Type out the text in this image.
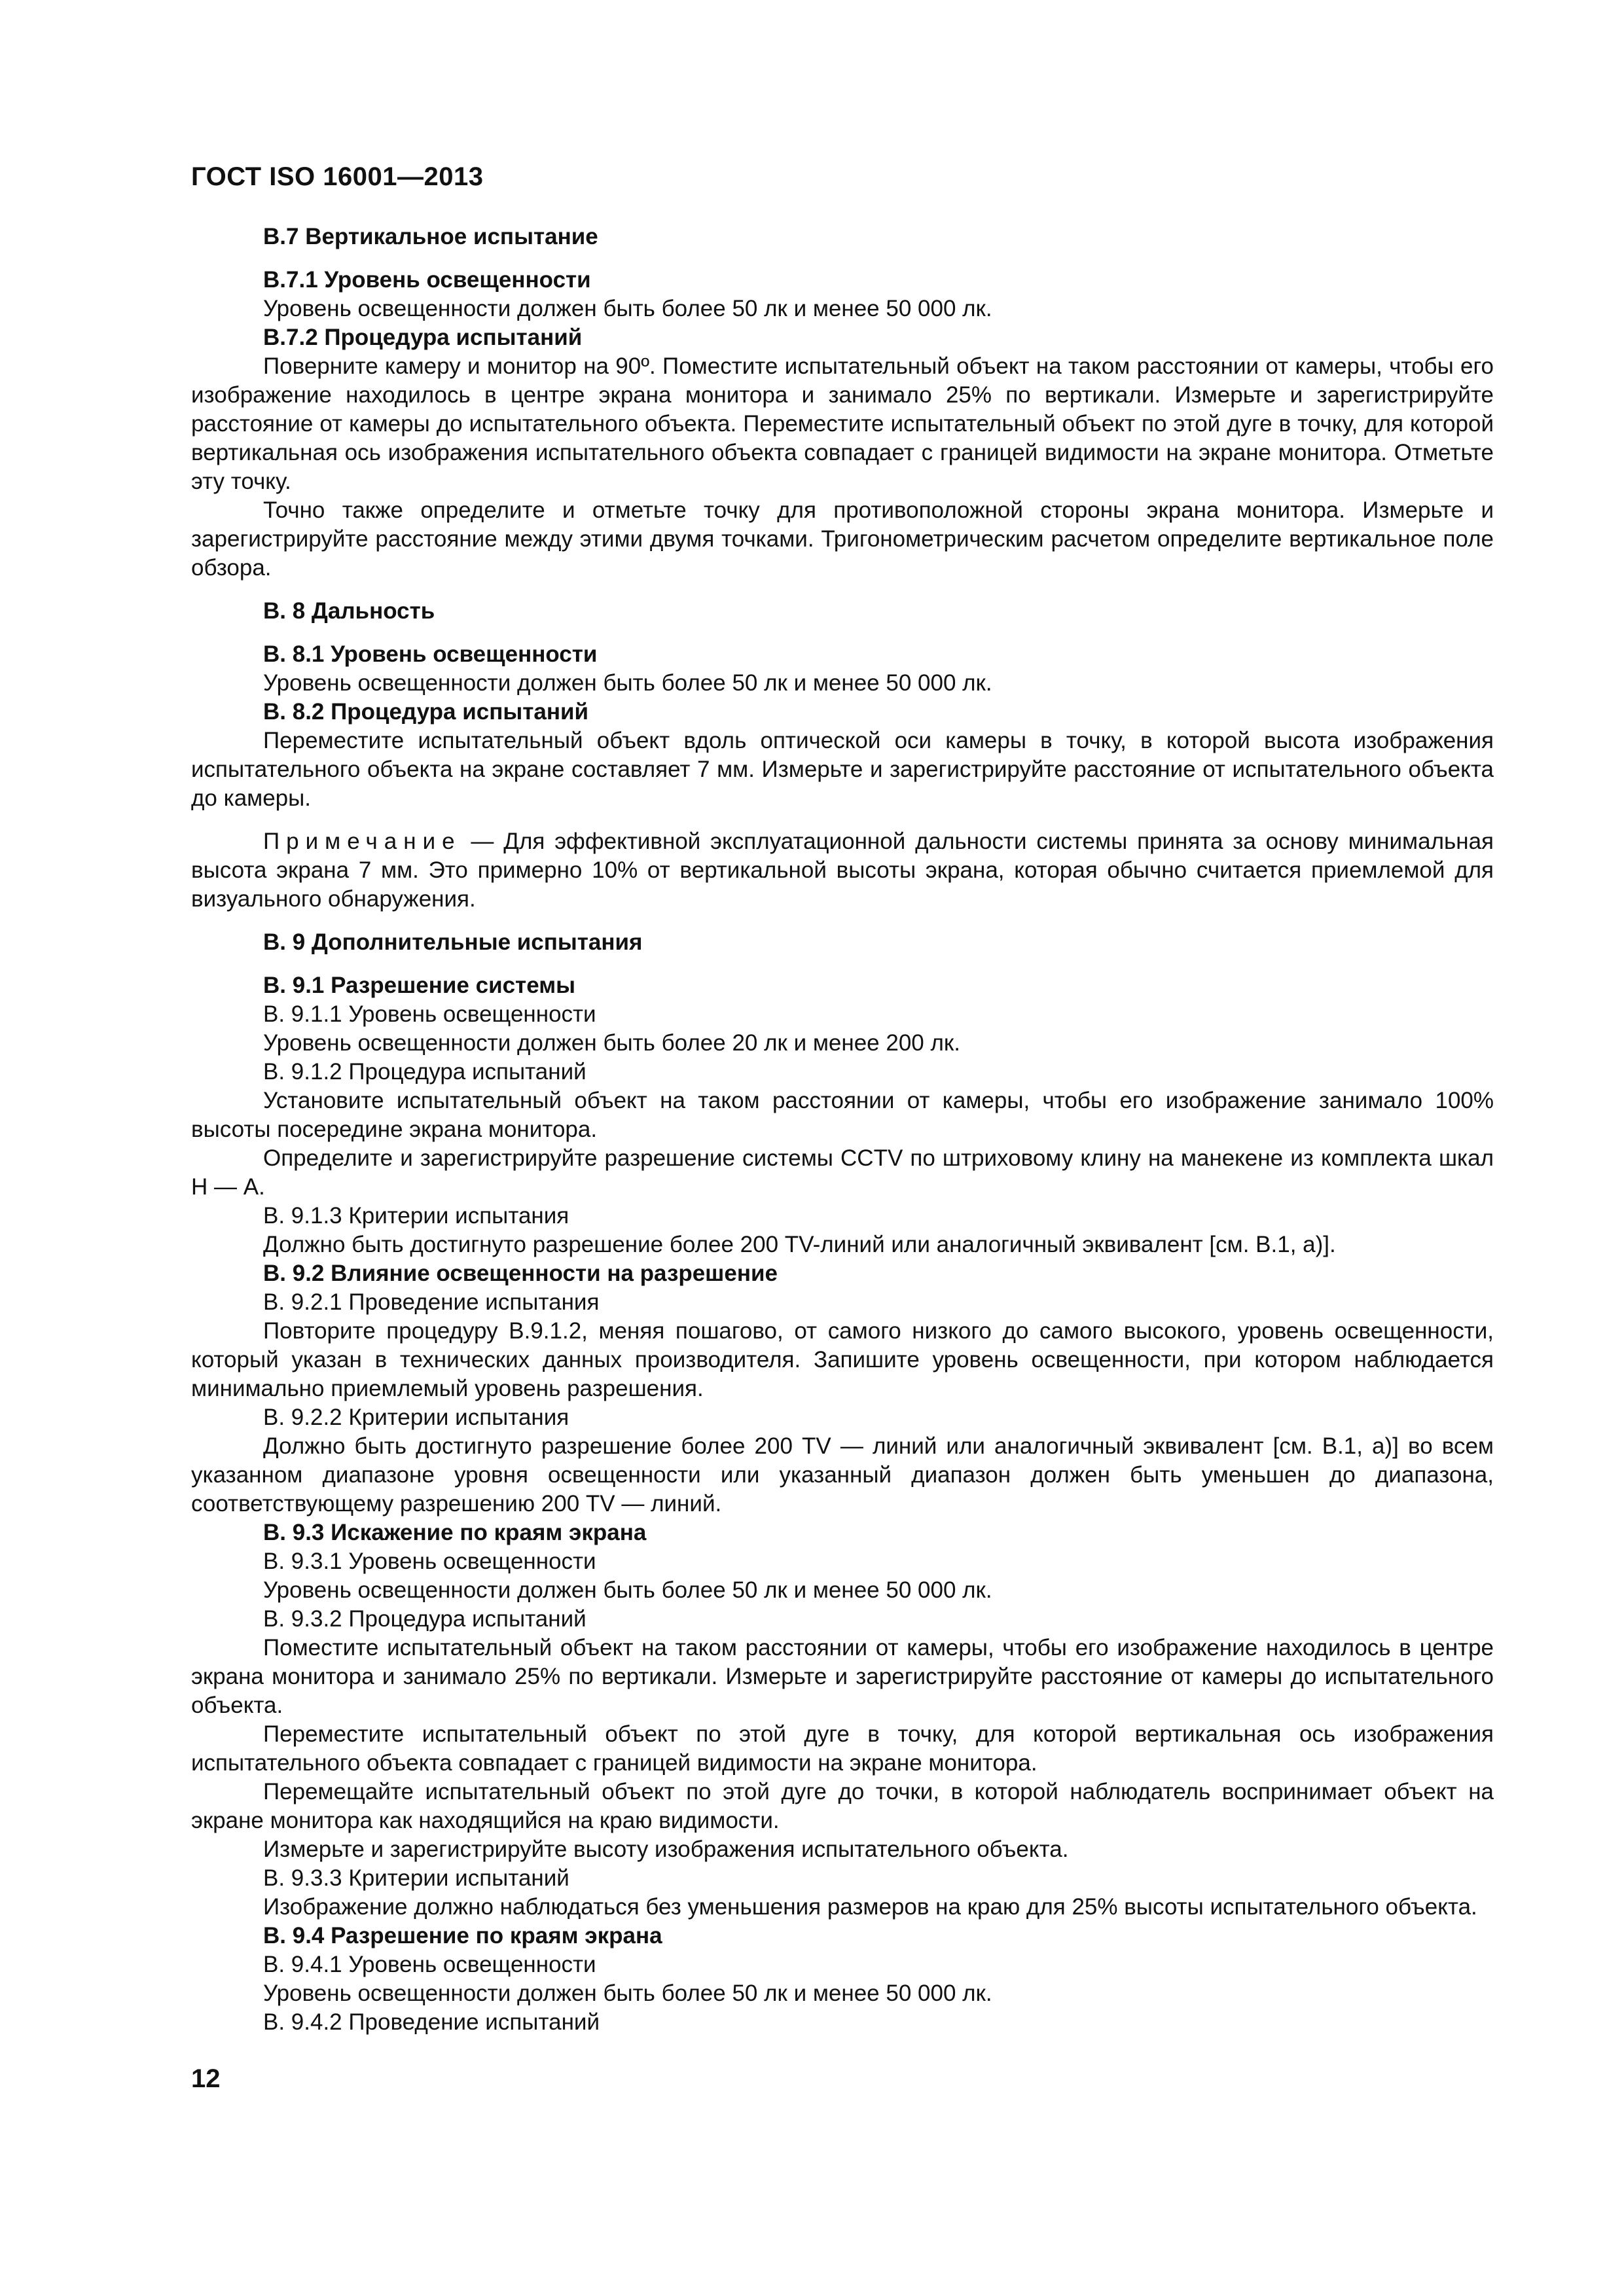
ГОСТ ISO 16001—2013
В.7 Вертикальное испытание
В.7.1 Уровень освещенности

Уровень освещенности должен быть более 50 лк и менее 50 000 лк.

В.7.2 Процедура испытаний

Поверните камеру и монитор на 90º. Поместите испытательный объект на таком расстоянии от камеры, чтобы его изображение находилось в центре экрана монитора и занимало 25% по вертикали. Измерьте и зарегистрируйте расстояние от камеры до испытательного объекта. Переместите испытательный объект по этой дуге в точку, для которой вертикальная ось изображения испытательного объекта совпадает с границей видимости на экране монитора. Отметьте эту точку.

Точно также определите и отметьте точку для противоположной стороны экрана монитора. Измерьте и зарегистрируйте расстояние между этими двумя точками. Тригонометрическим расчетом определите вертикальное поле обзора.

В. 8 Дальность
В. 8.1 Уровень освещенности

Уровень освещенности должен быть более 50 лк и менее 50 000 лк.

В. 8.2 Процедура испытаний

Переместите испытательный объект вдоль оптической оси камеры в точку, в которой высота изображения испытательного объекта на экране составляет 7 мм. Измерьте и зарегистрируйте расстояние от испытательного объекта до камеры.

Примечание — Для эффективной эксплуатационной дальности системы принята за основу минимальная высота экрана 7 мм. Это примерно 10% от вертикальной высоты экрана, которая обычно считается приемлемой для визуального обнаружения.

В. 9 Дополнительные испытания
В. 9.1 Разрешение системы

В. 9.1.1 Уровень освещенности

Уровень освещенности должен быть более 20 лк и менее 200 лк.

В. 9.1.2 Процедура испытаний

Установите испытательный объект на таком расстоянии от камеры, чтобы его изображение занимало 100% высоты посередине экрана монитора.

Определите и зарегистрируйте разрешение системы CCTV по штриховому клину на манекене из комплекта шкал Н — А.

В. 9.1.3 Критерии испытания

Должно быть достигнуто разрешение более 200 TV-линий или аналогичный эквивалент [см. В.1, а)].

В. 9.2 Влияние освещенности на разрешение

В. 9.2.1 Проведение испытания

Повторите процедуру В.9.1.2, меняя пошагово, от самого низкого до самого высокого, уровень освещенности, который указан в технических данных производителя. Запишите уровень освещенности, при котором наблюдается минимально приемлемый уровень разрешения.

В. 9.2.2 Критерии испытания

Должно быть достигнуто разрешение более 200 TV — линий или аналогичный эквивалент [см. В.1, а)] во всем указанном диапазоне уровня освещенности или указанный диапазон должен быть уменьшен до диапазона, соответствующему разрешению 200 TV — линий.

В. 9.3 Искажение по краям экрана

В. 9.3.1 Уровень освещенности

Уровень освещенности должен быть более 50 лк и менее 50 000 лк.

В. 9.3.2 Процедура испытаний

Поместите испытательный объект на таком расстоянии от камеры, чтобы его изображение находилось в центре экрана монитора и занимало 25% по вертикали. Измерьте и зарегистрируйте расстояние от камеры до испытательного объекта.

Переместите испытательный объект по этой дуге в точку, для которой вертикальная ось изображения испытательного объекта совпадает с границей видимости на экране монитора.

Перемещайте испытательный объект по этой дуге до точки, в которой наблюдатель воспринимает объект на экране монитора как находящийся на краю видимости.

Измерьте и зарегистрируйте высоту изображения испытательного объекта.

В. 9.3.3 Критерии испытаний

Изображение должно наблюдаться без уменьшения размеров на краю для 25% высоты испытательного объекта.

В. 9.4 Разрешение по краям экрана

В. 9.4.1 Уровень освещенности

Уровень освещенности должен быть более 50 лк и менее 50 000 лк.

В. 9.4.2 Проведение испытаний

12
